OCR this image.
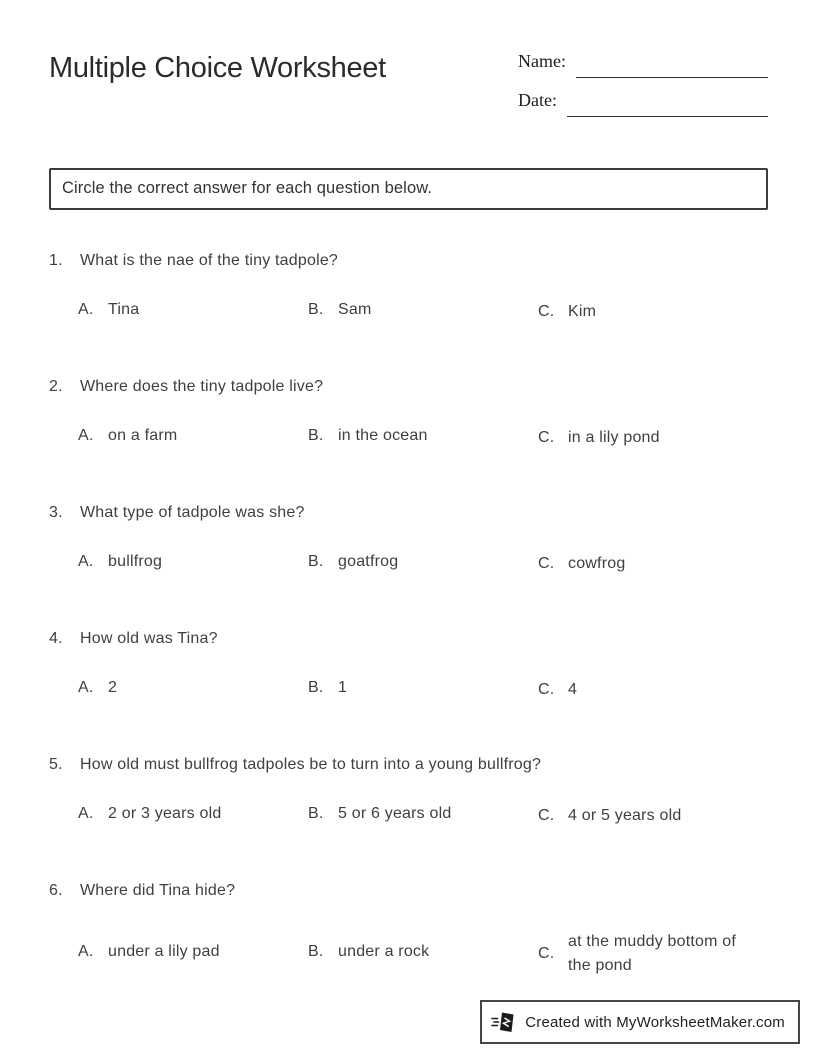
Multiple Choice Worksheet	Name:
Date:
Circle the correct answer for each question below.
1.	What is the nae of the tiny tadpole?
A. Tina	B. Sam	C. Kim
2.	Where does the tiny tadpole live?
A. on a farm	B. in the ocean	C. in a lily pond
3.	What type of tadpole was she?
A. bullfrog	B. goatfrog	C. cowfrog
4.	How old was Tina?
A. 2	B. 1	C. 4
5.	How old must bullfrog tadpoles be to turn into a young bullfrog?
A. 2 or 3 years old	B. 5 or 6 years old	C. 4 or 5 years old
6.	Where did Tina hide?
A. under a lily pad	B. under a rock	C.
at the muddy bottom of the pond
Created with MyWorksheetMaker.com
